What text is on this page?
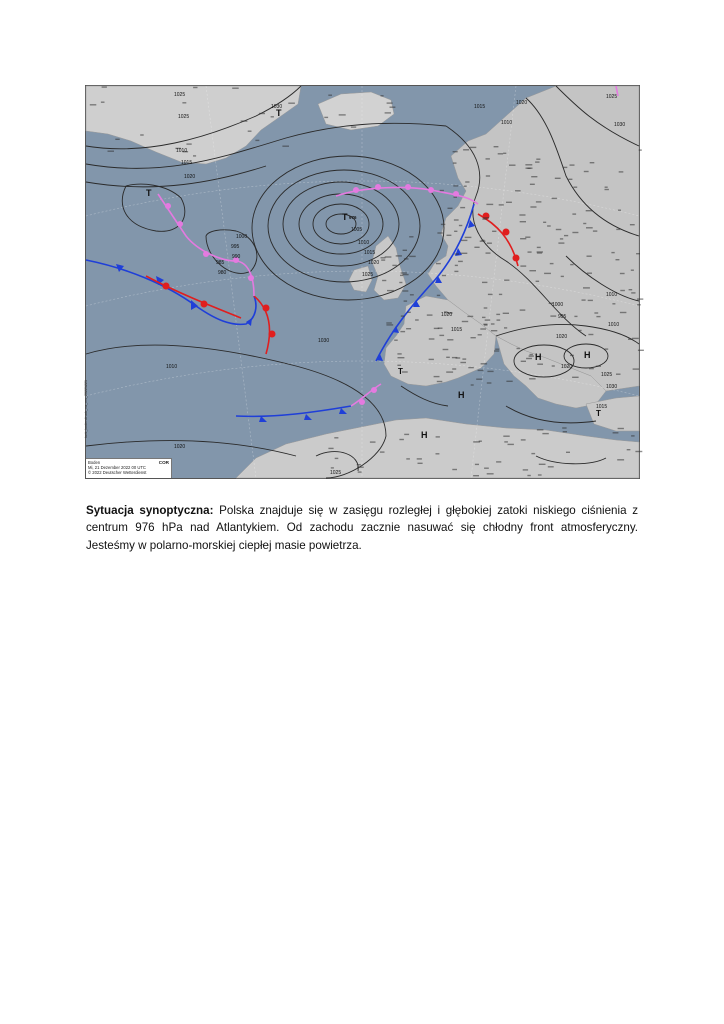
1025
1030
1025
1010
1015
1020
1025
1030
1010
1015
1020
1000
995
990
985
980
1005
1010
1015
1020
1025
1030
1020
1015
1010
1020
1025
1025
1030
1020
1015
1010
1010
1000
995
1020
T
T
T 976
H	H
H
H
T
T
bwk_bodendruck_na_ms_20221221
Boden
Mi, 21 Dezember 2022 00 UTC
© 2022 Deutscher Wetterdienst
COR

Sytuacja synoptyczna: Polska znajduje się w zasięgu rozległej i głębokiej zatoki niskiego ciśnienia z centrum 976 hPa nad Atlantykiem. Od zachodu zacznie nasuwać się chłodny front atmosferyczny. Jesteśmy w polarno-morskiej ciepłej masie powietrza.
